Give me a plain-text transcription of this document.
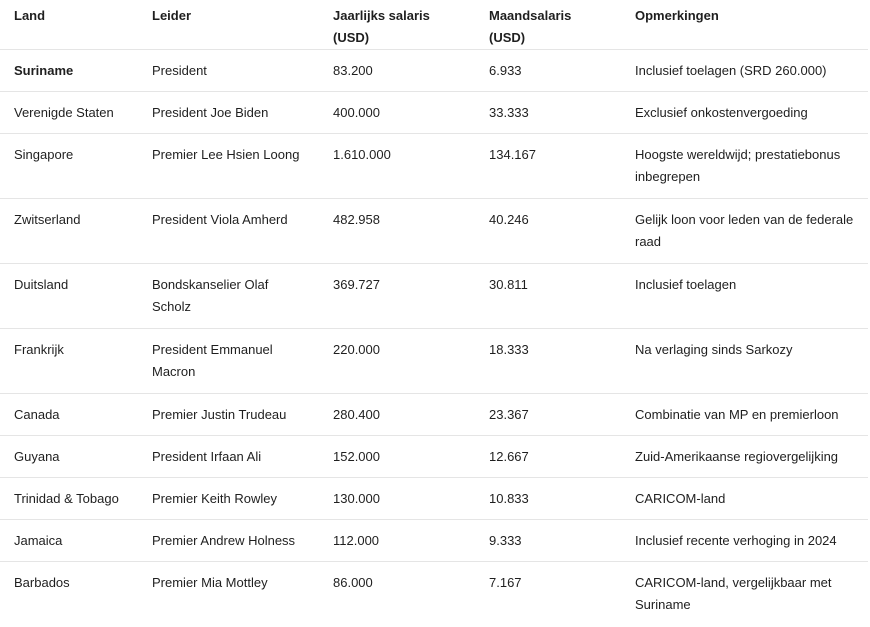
Land	Leider	Jaarlijks salaris (USD)	Maandsalaris (USD)	Opmerkingen
Suriname	President	83.200	6.933	Inclusief toelagen (SRD 260.000)
Verenigde Staten	President Joe Biden	400.000	33.333	Exclusief onkostenvergoeding
Singapore	Premier Lee Hsien Loong	1.610.000	134.167	Hoogste wereldwijd; prestatiebonus inbegrepen
Zwitserland	President Viola Amherd	482.958	40.246	Gelijk loon voor leden van de federale raad
Duitsland	Bondskanselier Olaf Scholz	369.727	30.811	Inclusief toelagen
Frankrijk	President Emmanuel Macron	220.000	18.333	Na verlaging sinds Sarkozy
Canada	Premier Justin Trudeau	280.400	23.367	Combinatie van MP en premierloon
Guyana	President Irfaan Ali	152.000	12.667	Zuid-Amerikaanse regiovergelijking
Trinidad & Tobago	Premier Keith Rowley	130.000	10.833	CARICOM-land
Jamaica	Premier Andrew Holness	112.000	9.333	Inclusief recente verhoging in 2024
Barbados	Premier Mia Mottley	86.000	7.167	CARICOM-land, vergelijkbaar met Suriname
